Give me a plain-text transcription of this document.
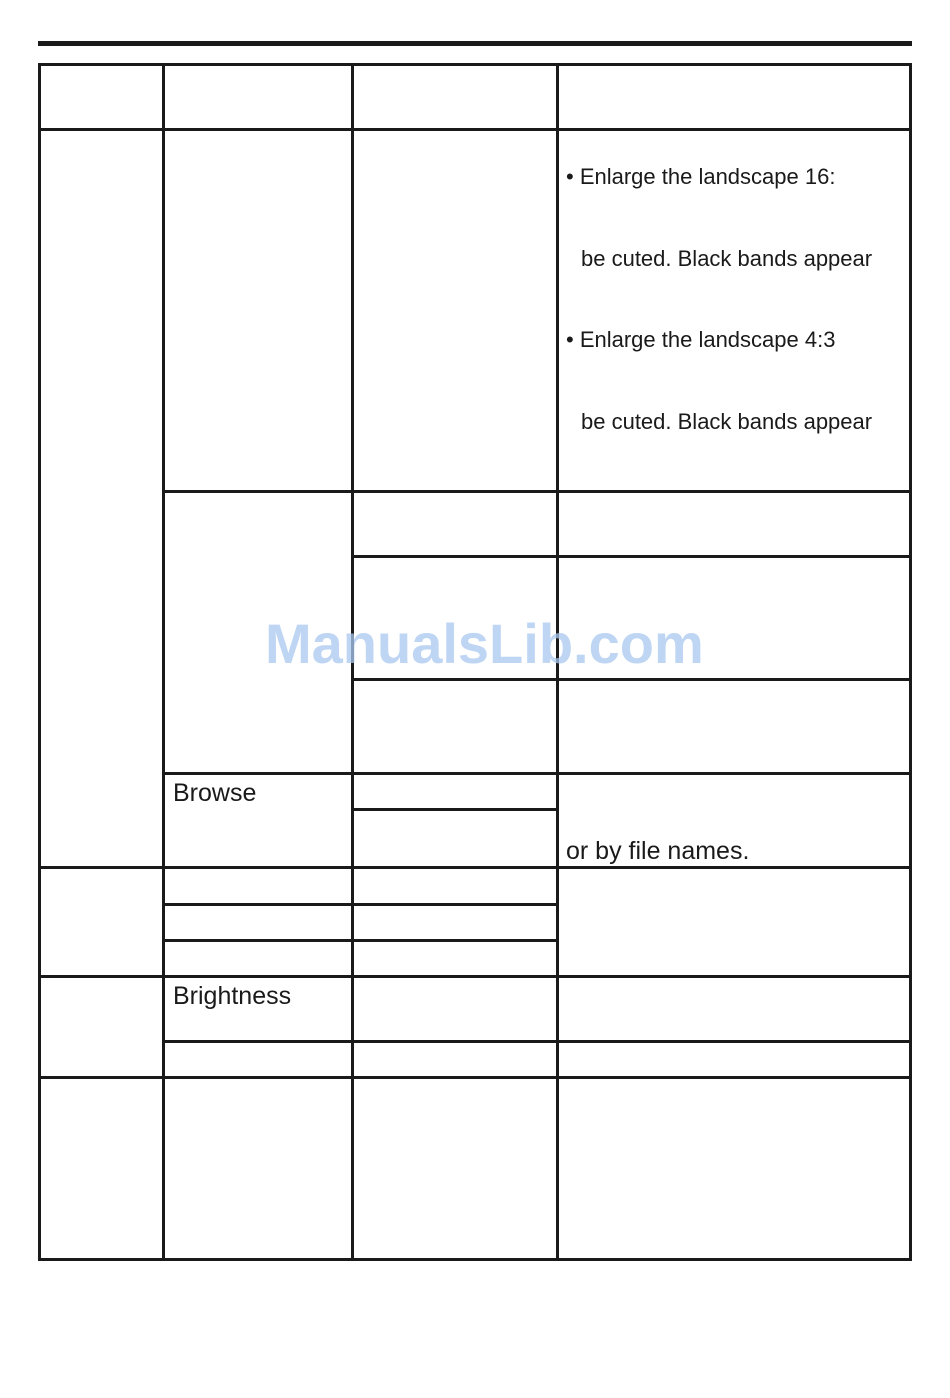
• Enlarge the landscape 16:
be cuted. Black bands appear
• Enlarge the landscape 4:3
be cuted. Black bands appear
Browse
or by file names.
Brightness
ManualsLib.com
